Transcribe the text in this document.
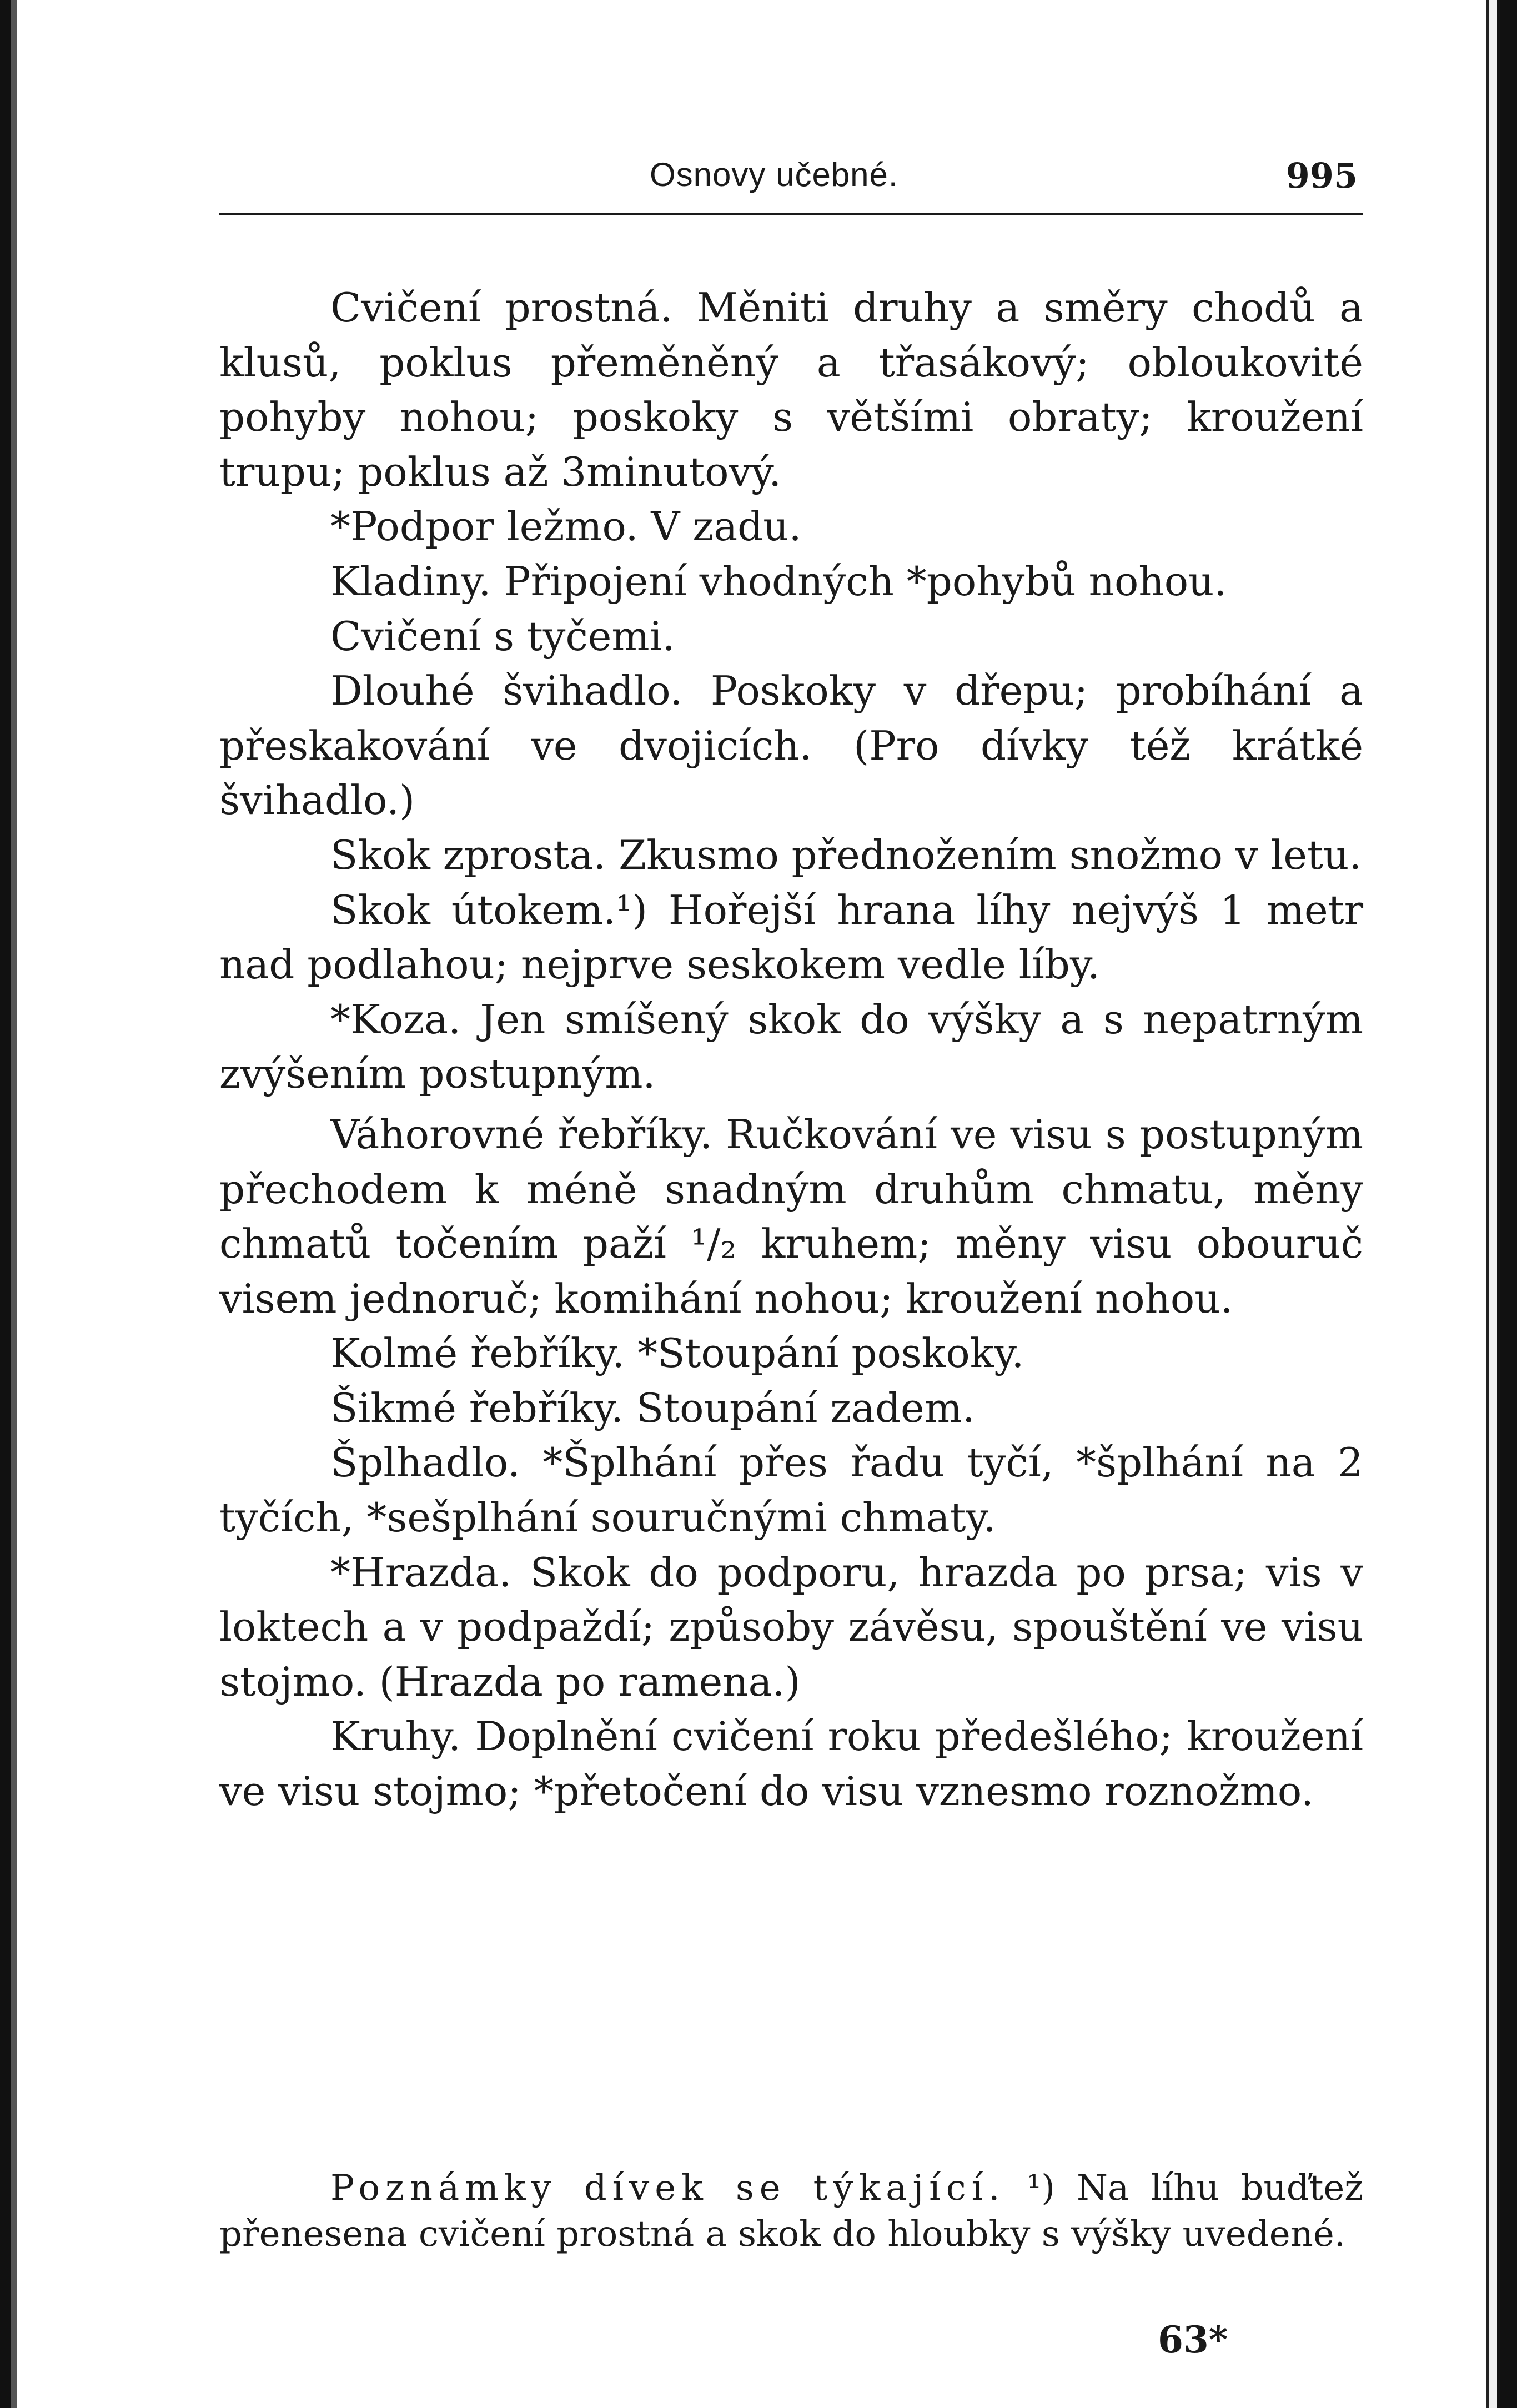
Osnovy učebné.	995

Cvičení prostná. Měniti druhy a směry chodů a klusů, poklus přeměněný a třasákový; obloukovité pohyby nohou; poskoky s většími obraty; kroužení trupu; poklus až 3minutový.

*Podpor ležmo. V zadu.

Kladiny. Připojení vhodných *pohybů nohou.

Cvičení s tyčemi.

Dlouhé švihadlo. Poskoky v dřepu; probíhání a přeskakování ve dvojicích. (Pro dívky též krátké švihadlo.)

Skok zprosta. Zkusmo přednožením snožmo v letu.

Skok útokem.¹) Hořejší hrana líhy nejvýš 1 metr nad podlahou; nejprve seskokem vedle líby.

*Koza. Jen smíšený skok do výšky a s nepatrným zvýšením postupným.

Váhorovné řebříky. Ručkování ve visu s postupným přechodem k méně snadným druhům chmatu, měny chmatů točením paží ¹/₂ kruhem; měny visu obouruč visem jednoruč; komihání nohou; kroužení nohou.

Kolmé řebříky. *Stoupání poskoky.

Šikmé řebříky. Stoupání zadem.

Šplhadlo. *Šplhání přes řadu tyčí, *šplhání na 2 tyčích, *sešplhání souručnými chmaty.

*Hrazda. Skok do podporu, hrazda po prsa; vis v loktech a v podpaždí; způsoby závěsu, spouštění ve visu stojmo. (Hrazda po ramena.)

Kruhy. Doplnění cvičení roku předešlého; kroužení ve visu stojmo; *přetočení do visu vznesmo roznožmo.

Poznámky dívek se týkající. ¹) Na líhu buďtež přenesena cvičení prostná a skok do hloubky s výšky uvedené.

63*
